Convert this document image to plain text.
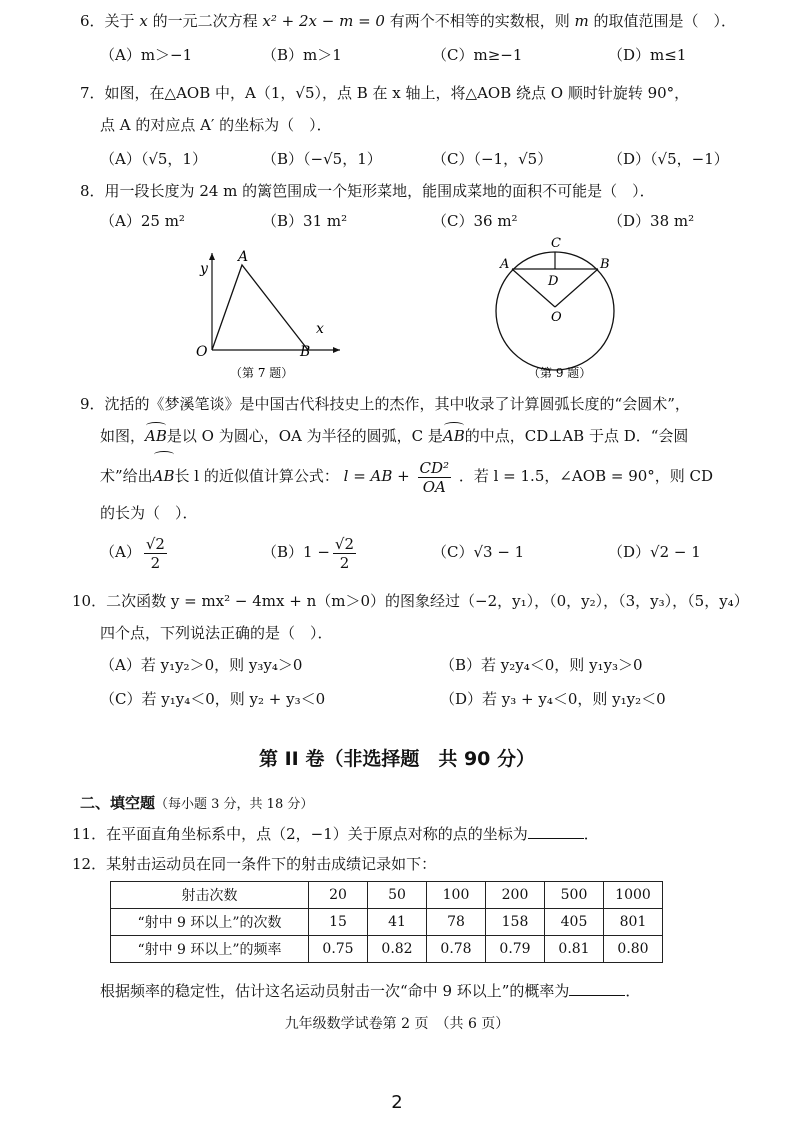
6．关于 x 的一元二次方程 x² + 2x − m = 0 有两个不相等的实数根，则 m 的取值范围是（　）．
（A）m＞−1	（B）m＞1	（C）m≥−1	（D）m≤1
7．如图，在△AOB 中，A（1，√5），点 B 在 x 轴上，将△AOB 绕点 O 顺时针旋转 90°，
点 A 的对应点 A′ 的坐标为（　）．
（A）（√5，1）	（B）（−√5，1）	（C）（−1，√5）	（D）（√5，−1）
8．用一段长度为 24 m 的篱笆围成一个矩形菜地，能围成菜地的面积不可能是（　）．
（A）25 m²	（B）31 m²	（C）36 m²	（D）38 m²
y
x
A
O	B
（第 7 题）
C
A	B
D
O
（第 9 题）
9．沈括的《梦溪笔谈》是中国古代科技史上的杰作，其中收录了计算圆弧长度的“会圆术”，
如图，AB是以 O 为圆心，OA 为半径的圆弧，C 是AB的中点，CD⊥AB 于点 D．“会圆
术”给出AB长 l 的近似值计算公式： l = AB + $\frac{\text{CD²}}{OA}$ ．若 l = 1.5，∠AOB = 90°，则 CD
的长为（　）．
$(A) \frac{√2}{2}$	$(B)1 - \frac{√2}{2}$	（C）√3 − 1	（D）√2 − 1
10．二次函数 y = mx² − 4mx + n（m＞0）的图象经过（−2，y₁），（0，y₂），（3，y₃），（5，y₄）
四个点，下列说法正确的是（　）．
（A）若 y₁y₂＞0，则 y₃y₄＞0	（B）若 y₂y₄＜0，则 y₁y₃＞0
（C）若 y₁y₄＜0，则 y₂ + y₃＜0	（D）若 y₃ + y₄＜0，则 y₁y₂＜0
第 II 卷（非选择题　共 90 分）
二、填空题（每小题 3 分，共 18 分）
11．在平面直角坐标系中，点（2，−1）关于原点对称的点的坐标为	．
12．某射击运动员在同一条件下的射击成绩记录如下：
射击次数	20	50	100	200	500	1000
“射中 9 环以上”的次数	15	41	78	158	405	801
“射中 9 环以上”的频率	0.75	0.82	0.78	0.79	0.81	0.80
根据频率的稳定性，估计这名运动员射击一次“命中 9 环以上”的概率为	．
九年级数学试卷第 2 页　（共 6 页）
2
